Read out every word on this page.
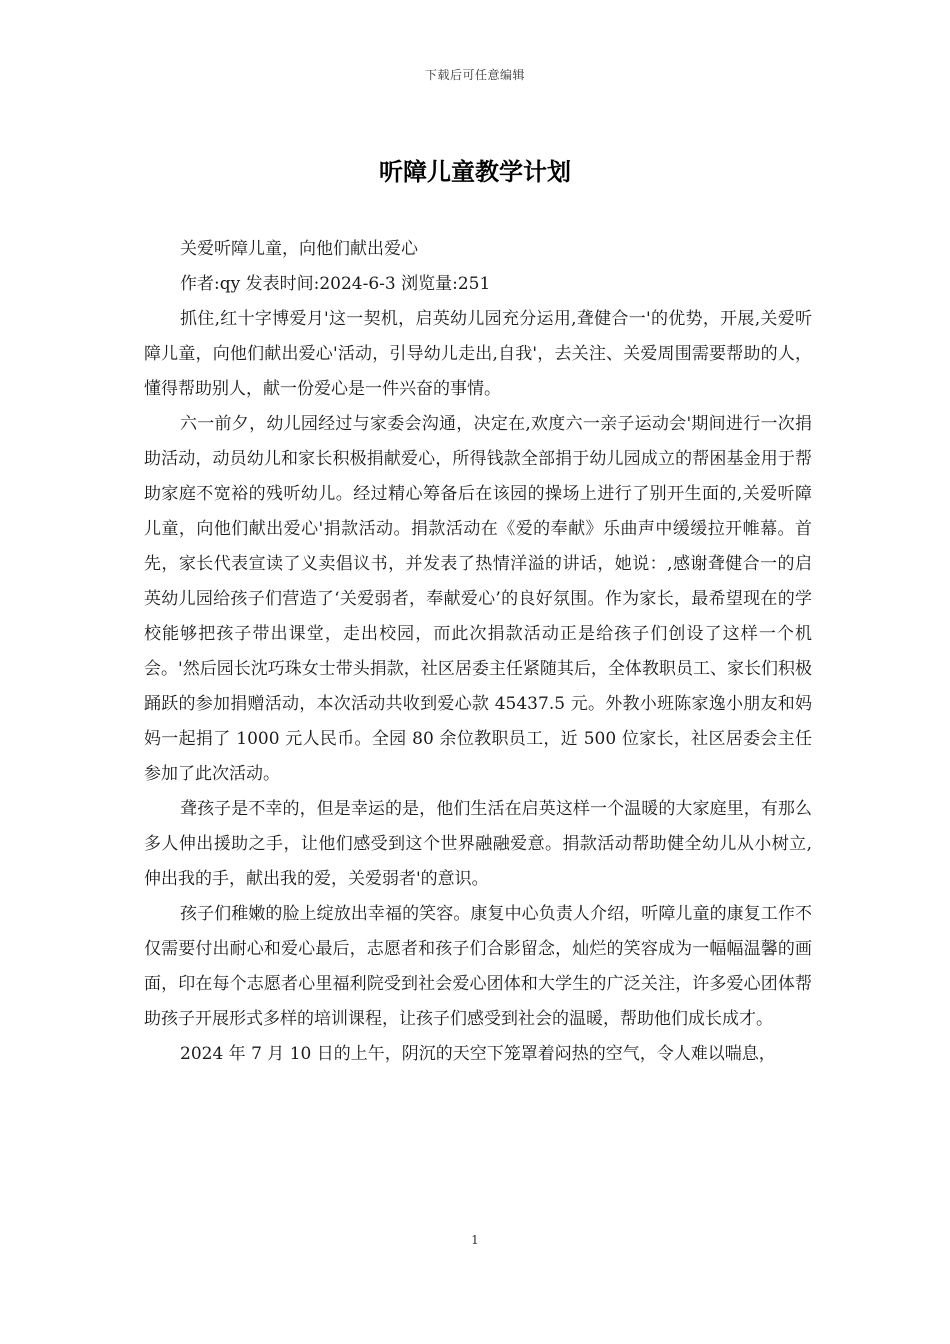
下载后可任意编辑
听障儿童教学计划

关爱听障儿童，向他们献出爱心

作者:qy 发表时间:2024-6-3 浏览量:251

抓住,红十字博爱月'这一契机，启英幼儿园充分运用,聋健合一'的优势，开展,关爱听障儿童，向他们献出爱心'活动，引导幼儿走出,自我'，去关注、关爱周围需要帮助的人，懂得帮助别人，献一份爱心是一件兴奋的事情。

六一前夕，幼儿园经过与家委会沟通，决定在,欢度六一亲子运动会'期间进行一次捐助活动，动员幼儿和家长积极捐献爱心，所得钱款全部捐于幼儿园成立的帮困基金用于帮助家庭不宽裕的残听幼儿。经过精心筹备后在该园的操场上进行了别开生面的,关爱听障儿童，向他们献出爱心'捐款活动。捐款活动在《爱的奉献》乐曲声中缓缓拉开帷幕。首先，家长代表宣读了义卖倡议书，并发表了热情洋溢的讲话，她说：,感谢聋健合一的启英幼儿园给孩子们营造了‘关爱弱者，奉献爱心’的良好氛围。作为家长，最希望现在的学校能够把孩子带出课堂，走出校园，而此次捐款活动正是给孩子们创设了这样一个机会。'然后园长沈巧珠女士带头捐款，社区居委主任紧随其后，全体教职员工、家长们积极踊跃的参加捐赠活动，本次活动共收到爱心款 45437.5 元。外教小班陈家逸小朋友和妈妈一起捐了 1000 元人民币。全园 80 余位教职员工，近 500 位家长，社区居委会主任参加了此次活动。

聋孩子是不幸的，但是幸运的是，他们生活在启英这样一个温暖的大家庭里，有那么多人伸出援助之手，让他们感受到这个世界融融爱意。捐款活动帮助健全幼儿从小树立,伸出我的手，献出我的爱，关爱弱者'的意识。

孩子们稚嫩的脸上绽放出幸福的笑容。康复中心负责人介绍，听障儿童的康复工作不仅需要付出耐心和爱心最后，志愿者和孩子们合影留念，灿烂的笑容成为一幅幅温馨的画面，印在每个志愿者心里福利院受到社会爱心团体和大学生的广泛关注，许多爱心团体帮助孩子开展形式多样的培训课程，让孩子们感受到社会的温暖，帮助他们成长成才。

2024 年 7 月 10 日的上午，阴沉的天空下笼罩着闷热的空气，令人难以喘息，

1
